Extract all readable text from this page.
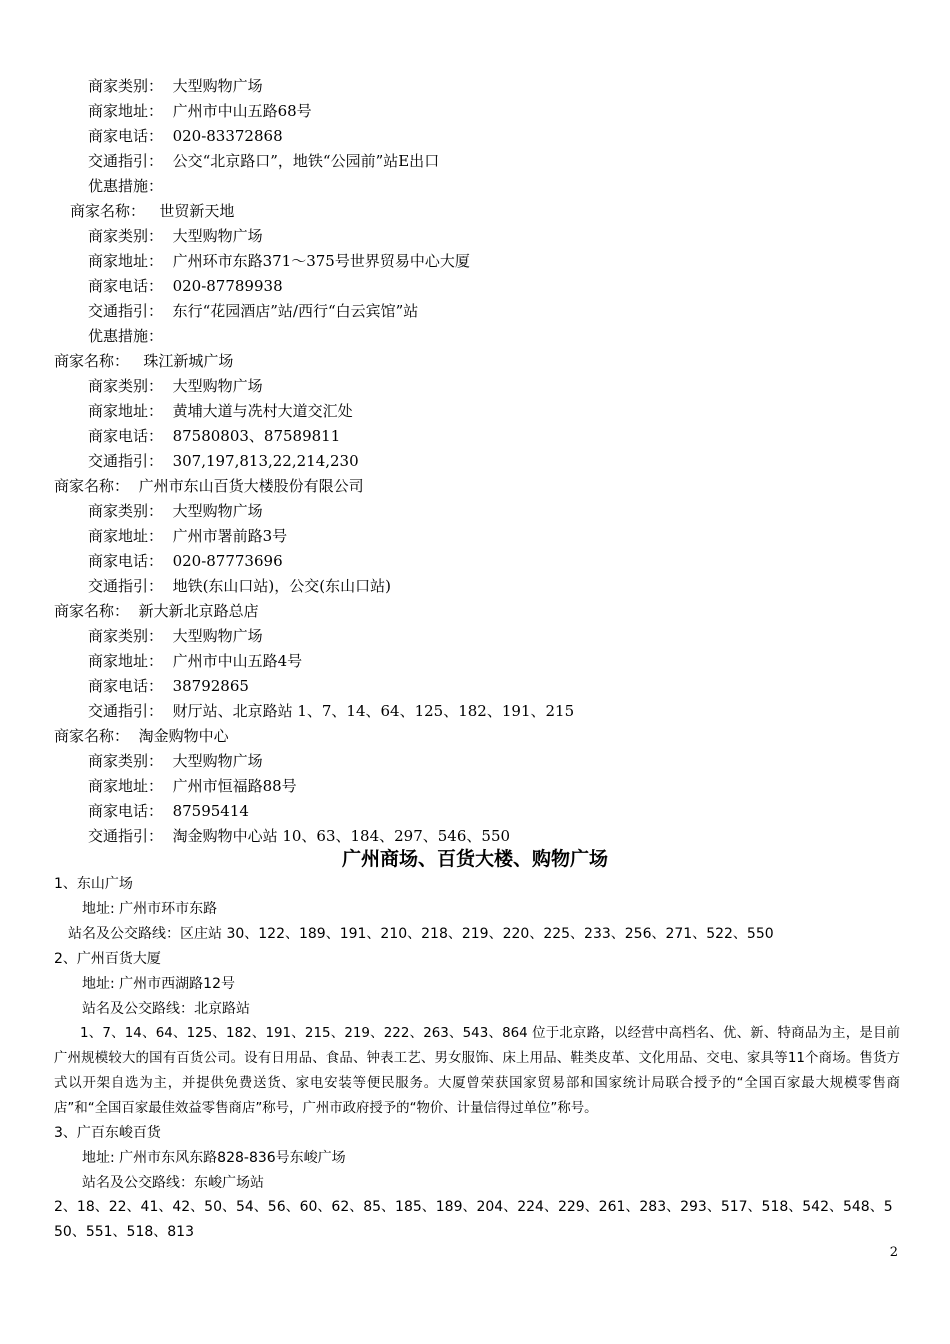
商家类别： 大型购物广场
商家地址： 广州市中山五路68号
商家电话： 020-83372868
交通指引： 公交“北京路口”，地铁“公园前”站E出口
优惠措施：
商家名称： 世贸新天地
商家类别： 大型购物广场
商家地址： 广州环市东路371～375号世界贸易中心大厦
商家电话： 020-87789938
交通指引： 东行“花园酒店”站/西行“白云宾馆”站
优惠措施：
商家名称： 珠江新城广场
商家类别： 大型购物广场
商家地址： 黄埔大道与冼村大道交汇处
商家电话： 87580803、87589811
交通指引： 307,197,813,22,214,230
商家名称： 广州市东山百货大楼股份有限公司
商家类别： 大型购物广场
商家地址： 广州市署前路3号
商家电话： 020-87773696
交通指引： 地铁(东山口站)，公交(东山口站)
商家名称： 新大新北京路总店
商家类别： 大型购物广场
商家地址： 广州市中山五路4号
商家电话： 38792865
交通指引： 财厅站、北京路站 1、7、14、64、125、182、191、215
商家名称： 淘金购物中心
商家类别： 大型购物广场
商家地址： 广州市恒福路88号
商家电话： 87595414
交通指引： 淘金购物中心站 10、63、184、297、546、550
广州商场、百货大楼、购物广场
1、东山广场
地址: 广州市环市东路
站名及公交路线：区庄站 30、122、189、191、210、218、219、220、225、233、256、271、522、550
2、广州百货大厦
地址: 广州市西湖路12号
站名及公交路线：北京路站
1、7、14、64、125、182、191、215、219、222、263、543、864 位于北京路，以经营中高档名、优、新、特商品为主，是目前广州规模较大的国有百货公司。设有日用品、食品、钟表工艺、男女服饰、床上用品、鞋类皮革、文化用品、交电、家具等11个商场。售货方式以开架自选为主，并提供免费送货、家电安装等便民服务。大厦曾荣获国家贸易部和国家统计局联合授予的“全国百家最大规模零售商店”和“全国百家最佳效益零售商店”称号，广州市政府授予的“物价、计量信得过单位”称号。
3、广百东峻百货
地址: 广州市东风东路828-836号东峻广场
站名及公交路线：东峻广场站
2、18、22、41、42、50、54、56、60、62、85、185、189、204、224、229、261、283、293、517、518、542、548、550、551、518、813
2
